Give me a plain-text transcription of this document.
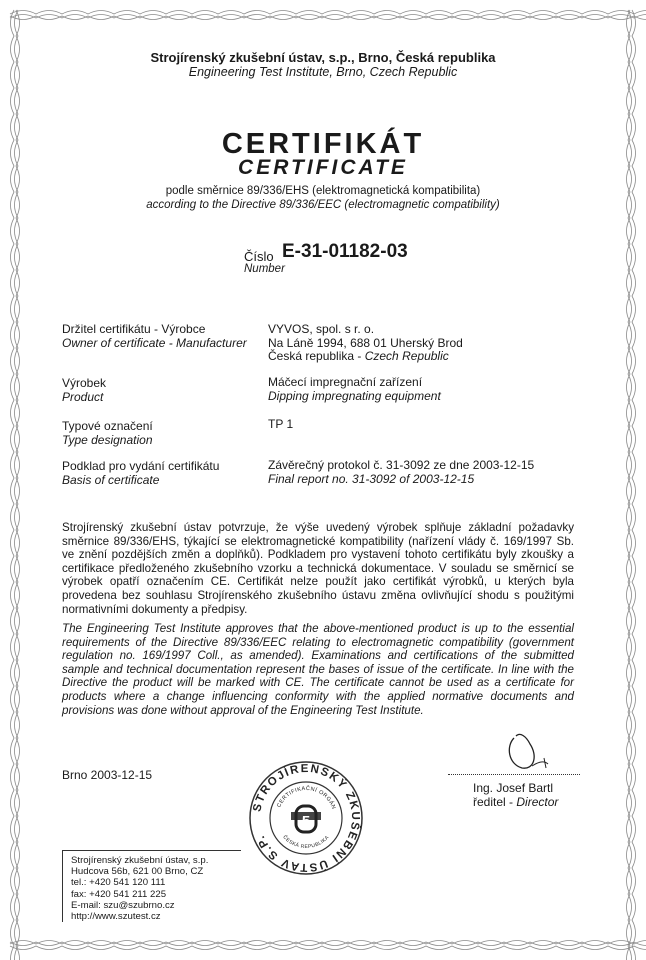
Strojírenský zkušební ústav, s.p., Brno, Česká republika
Engineering Test Institute, Brno, Czech Republic
CERTIFIKÁT
CERTIFICATE
podle směrnice 89/336/EHS (elektromagnetická kompatibilita)
according to the Directive 89/336/EEC (electromagnetic compatibility)
Číslo E-31-01182-03
Number
Držitel certifikátu - Výrobce
Owner of certificate - Manufacturer
VYVOS, spol. s r. o.
Na Láně 1994, 688 01 Uherský Brod
Česká republika - Czech Republic
Výrobek
Product
Máčecí impregnační zařízení
Dipping impregnating equipment
Typové označení
Type designation
TP 1
Podklad pro vydání certifikátu
Basis of certificate
Závěrečný protokol č. 31-3092 ze dne 2003-12-15
Final report no. 31-3092 of 2003-12-15
Strojírenský zkušební ústav potvrzuje, že výše uvedený výrobek splňuje základní požadavky směrnice 89/336/EHS, týkající se elektromagnetické kompatibility (nařízení vlády č. 169/1997 Sb. ve znění pozdějších změn a doplňků). Podkladem pro vystavení tohoto certifikátu byly zkoušky a certifikace předloženého zkušebního vzorku a technická dokumentace. V souladu se směrnicí se výrobek opatří označením CE. Certifikát nelze použít jako certifikát výrobků, u kterých byla provedena bez souhlasu Strojírenského zkušebního ústavu změna ovlivňující shodu s použitými normativními dokumenty a předpisy.
The Engineering Test Institute approves that the above-mentioned product is up to the essential requirements of the Directive 89/336/EEC relating to electromagnetic compatibility (government regulation no. 169/1997 Coll., as amended). Examinations and certifications of the submitted sample and technical documentation represent the bases of issue of the certificate. In line with the Directive the product will be marked with CE. The certificate cannot be used as a certificate for products where a change influencing conformity with the applied normative documents and provisions was done without approval of the Engineering Test Institute.
Brno 2003-12-15
Ing. Josef Bartl
ředitel - Director
STROJÍRENSKÝ ZKUŠEBNÍ ÚSTAV S.P.
CERTIFIKAČNÍ ORGÁN
ČESKÁ REPUBLIKA
5
Strojírenský zkušební ústav, s.p.
Hudcova 56b, 621 00 Brno, CZ
tel.: +420 541 120 111
fax: +420 541 211 225
E-mail: szu@szubrno.cz
http://www.szutest.cz
